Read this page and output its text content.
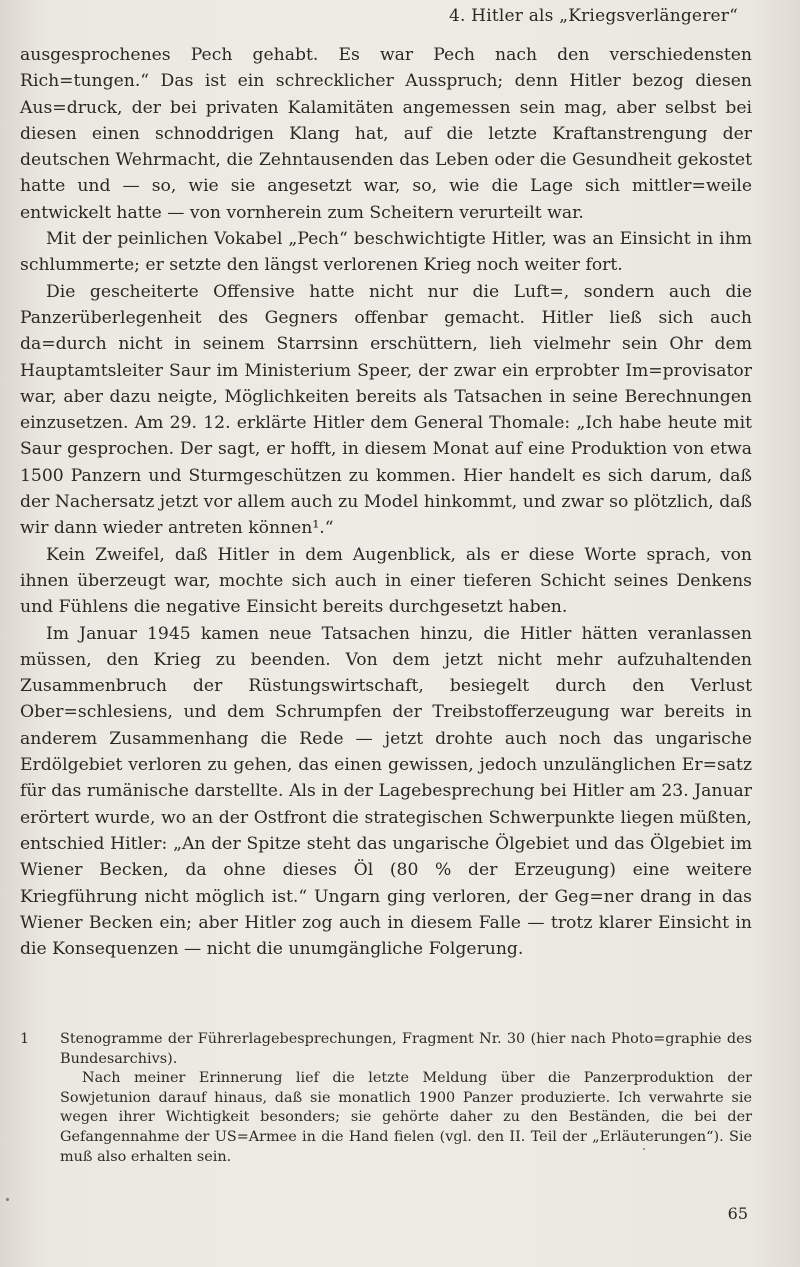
4. Hitler als „Kriegsverlängerer“

ausgesprochenes Pech gehabt. Es war Pech nach den verschiedensten Rich=tungen.“ Das ist ein schrecklicher Ausspruch; denn Hitler bezog diesen Aus=druck, der bei privaten Kalamitäten angemessen sein mag, aber selbst bei diesen einen schnoddrigen Klang hat, auf die letzte Kraftanstrengung der deutschen Wehrmacht, die Zehntausenden das Leben oder die Gesundheit gekostet hatte und — so, wie sie angesetzt war, so, wie die Lage sich mittler=weile entwickelt hatte — von vornherein zum Scheitern verurteilt war.

Mit der peinlichen Vokabel „Pech“ beschwichtigte Hitler, was an Einsicht in ihm schlummerte; er setzte den längst verlorenen Krieg noch weiter fort.

Die gescheiterte Offensive hatte nicht nur die Luft=, sondern auch die Panzerüberlegenheit des Gegners offenbar gemacht. Hitler ließ sich auch da=durch nicht in seinem Starrsinn erschüttern, lieh vielmehr sein Ohr dem Hauptamtsleiter Saur im Ministerium Speer, der zwar ein erprobter Im=provisator war, aber dazu neigte, Möglichkeiten bereits als Tatsachen in seine Berechnungen einzusetzen. Am 29. 12. erklärte Hitler dem General Thomale: „Ich habe heute mit Saur gesprochen. Der sagt, er hofft, in diesem Monat auf eine Produktion von etwa 1500 Panzern und Sturmgeschützen zu kommen. Hier handelt es sich darum, daß der Nachersatz jetzt vor allem auch zu Model hinkommt, und zwar so plötzlich, daß wir dann wieder antreten können¹.“

Kein Zweifel, daß Hitler in dem Augenblick, als er diese Worte sprach, von ihnen überzeugt war, mochte sich auch in einer tieferen Schicht seines Denkens und Fühlens die negative Einsicht bereits durchgesetzt haben.

Im Januar 1945 kamen neue Tatsachen hinzu, die Hitler hätten veranlassen müssen, den Krieg zu beenden. Von dem jetzt nicht mehr aufzuhaltenden Zusammenbruch der Rüstungswirtschaft, besiegelt durch den Verlust Ober=schlesiens, und dem Schrumpfen der Treibstofferzeugung war bereits in anderem Zusammenhang die Rede — jetzt drohte auch noch das ungarische Erdölgebiet verloren zu gehen, das einen gewissen, jedoch unzulänglichen Er=satz für das rumänische darstellte. Als in der Lagebesprechung bei Hitler am 23. Januar erörtert wurde, wo an der Ostfront die strategischen Schwerpunkte liegen müßten, entschied Hitler: „An der Spitze steht das ungarische Ölgebiet und das Ölgebiet im Wiener Becken, da ohne dieses Öl (80 % der Erzeugung) eine weitere Kriegführung nicht möglich ist.“ Ungarn ging verloren, der Geg=ner drang in das Wiener Becken ein; aber Hitler zog auch in diesem Falle — trotz klarer Einsicht in die Konsequenzen — nicht die unumgängliche Folgerung.

1	Stenogramme der Führerlagebesprechungen, Fragment Nr. 30 (hier nach Photo=graphie des Bundesarchivs).

Nach meiner Erinnerung lief die letzte Meldung über die Panzerproduktion der Sowjetunion darauf hinaus, daß sie monatlich 1900 Panzer produzierte. Ich verwahrte sie wegen ihrer Wichtigkeit besonders; sie gehörte daher zu den Beständen, die bei der Gefangennahme der US=Armee in die Hand fielen (vgl. den II. Teil der „Erläuterungen“). Sie muß also erhalten sein.

65
